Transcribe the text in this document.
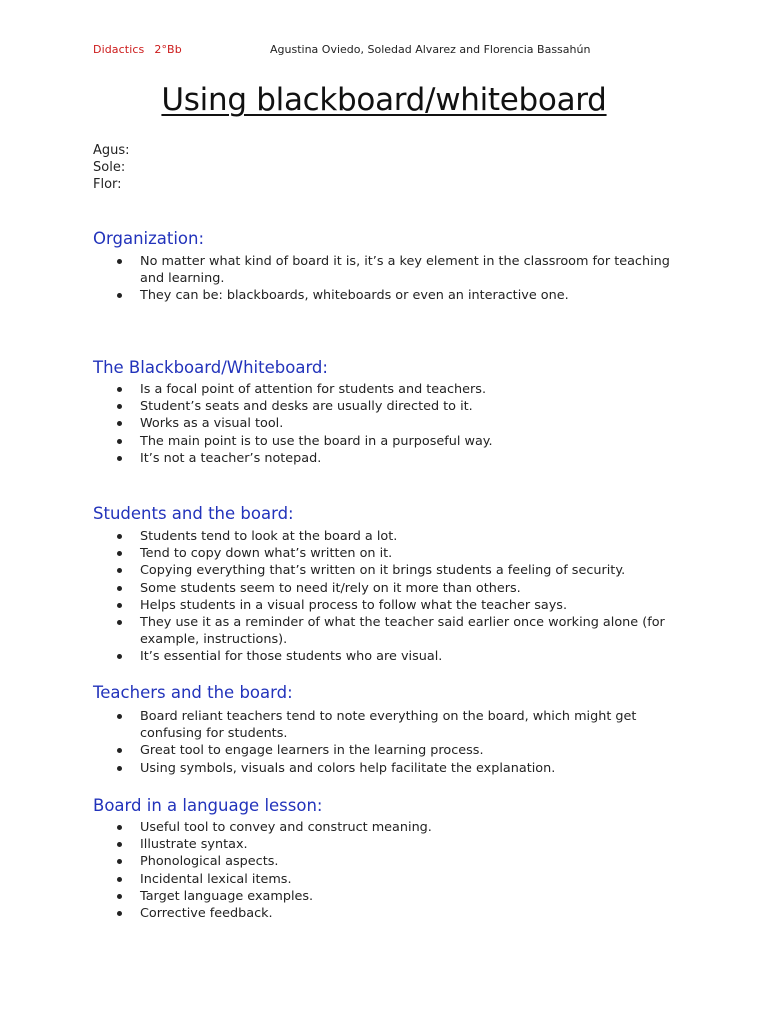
Didactics 2°Bb	Agustina Oviedo, Soledad Alvarez and Florencia Bassahún
Using blackboard/whiteboard
Agus:
Sole:
Flor:
Organization:
No matter what kind of board it is, it’s a key element in the classroom for teaching and learning.
They can be: blackboards, whiteboards or even an interactive one.
The Blackboard/Whiteboard:
Is a focal point of attention for students and teachers.
Student’s seats and desks are usually directed to it.
Works as a visual tool.
The main point is to use the board in a purposeful way.
It’s not a teacher’s notepad.
Students and the board:
Students tend to look at the board a lot.
Tend to copy down what’s written on it.
Copying everything that’s written on it brings students a feeling of security.
Some students seem to need it/rely on it more than others.
Helps students in a visual process to follow what the teacher says.
They use it as a reminder of what the teacher said earlier once working alone (for example, instructions).
It’s essential for those students who are visual.
Teachers and the board:
Board reliant teachers tend to note everything on the board, which might get confusing for students.
Great tool to engage learners in the learning process.
Using symbols, visuals and colors help facilitate the explanation.
Board in a language lesson:
Useful tool to convey and construct meaning.
Illustrate syntax.
Phonological aspects.
Incidental lexical items.
Target language examples.
Corrective feedback.
